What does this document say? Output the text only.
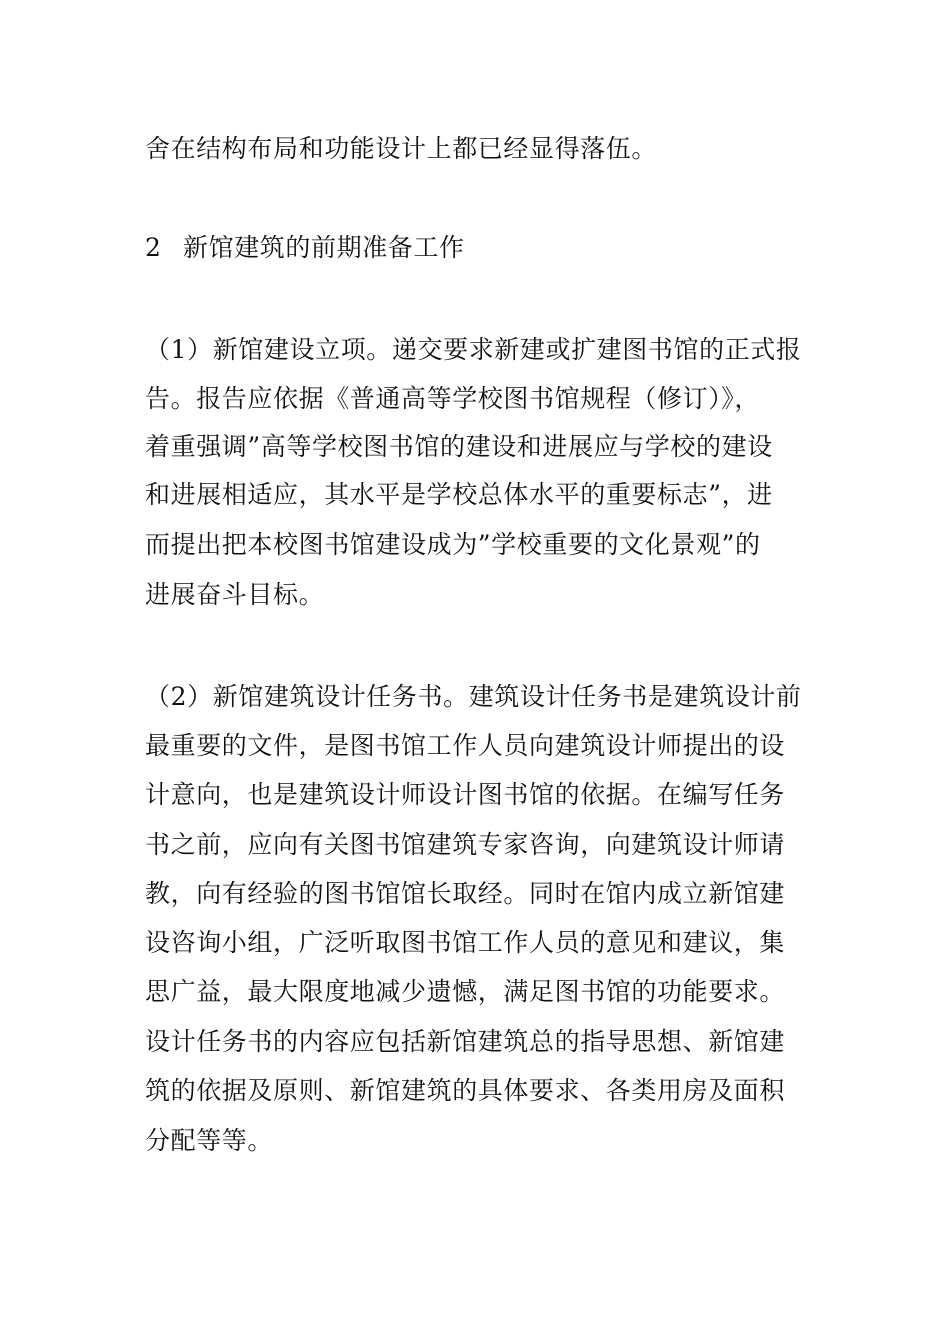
舍在结构布局和功能设计上都已经显得落伍。
2 新馆建筑的前期准备工作
（1）新馆建设立项。递交要求新建或扩建图书馆的正式报
告。报告应依据《普通高等学校图书馆规程（修订）》，
着重强调”高等学校图书馆的建设和进展应与学校的建设
和进展相适应，其水平是学校总体水平的重要标志”，进
而提出把本校图书馆建设成为”学校重要的文化景观”的
进展奋斗目标。
（2）新馆建筑设计任务书。建筑设计任务书是建筑设计前
最重要的文件，是图书馆工作人员向建筑设计师提出的设
计意向，也是建筑设计师设计图书馆的依据。在编写任务
书之前，应向有关图书馆建筑专家咨询，向建筑设计师请
教，向有经验的图书馆馆长取经。同时在馆内成立新馆建
设咨询小组，广泛听取图书馆工作人员的意见和建议，集
思广益，最大限度地减少遗憾，满足图书馆的功能要求。
设计任务书的内容应包括新馆建筑总的指导思想、新馆建
筑的依据及原则、新馆建筑的具体要求、各类用房及面积
分配等等。
